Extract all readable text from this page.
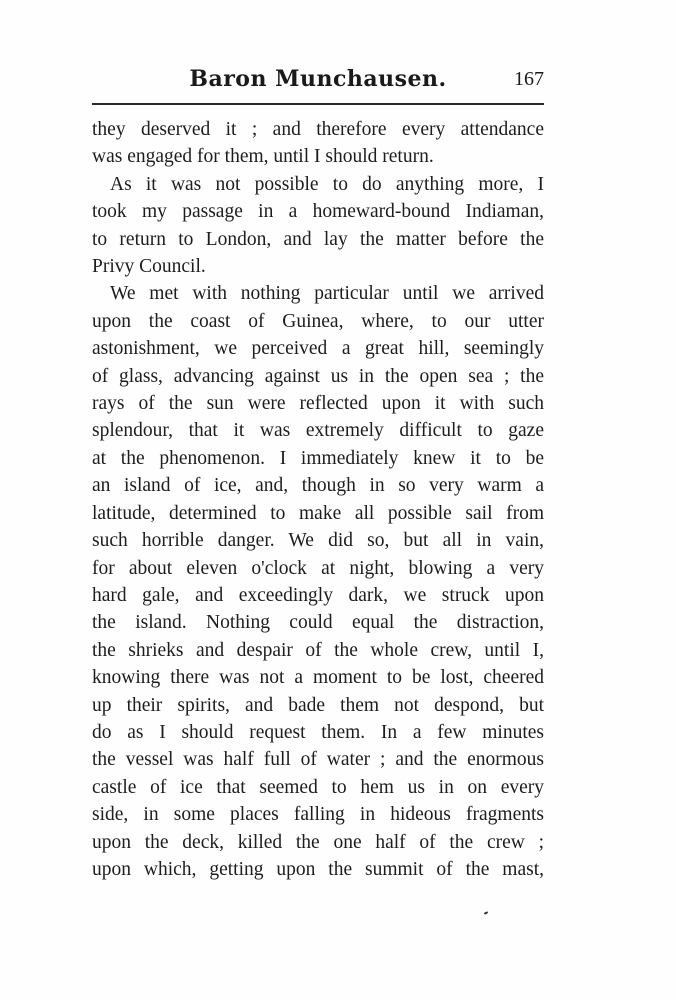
Baron Munchausen.	167
they deserved it ; and therefore every attendance
was engaged for them, until I should return.
As it was not possible to do anything more, I
took my passage in a homeward-bound Indiaman,
to return to London, and lay the matter before the
Privy Council.
We met with nothing particular until we arrived
upon the coast of Guinea, where, to our utter
astonishment, we perceived a great hill, seemingly
of glass, advancing against us in the open sea ; the
rays of the sun were reflected upon it with such
splendour, that it was extremely difficult to gaze
at the phenomenon. I immediately knew it to be
an island of ice, and, though in so very warm a
latitude, determined to make all possible sail from
such horrible danger. We did so, but all in vain,
for about eleven o'clock at night, blowing a very
hard gale, and exceedingly dark, we struck upon
the island. Nothing could equal the distraction,
the shrieks and despair of the whole crew, until I,
knowing there was not a moment to be lost, cheered
up their spirits, and bade them not despond, but
do as I should request them. In a few minutes
the vessel was half full of water ; and the enormous
castle of ice that seemed to hem us in on every
side, in some places falling in hideous fragments
upon the deck, killed the one half of the crew ;
upon which, getting upon the summit of the mast,
